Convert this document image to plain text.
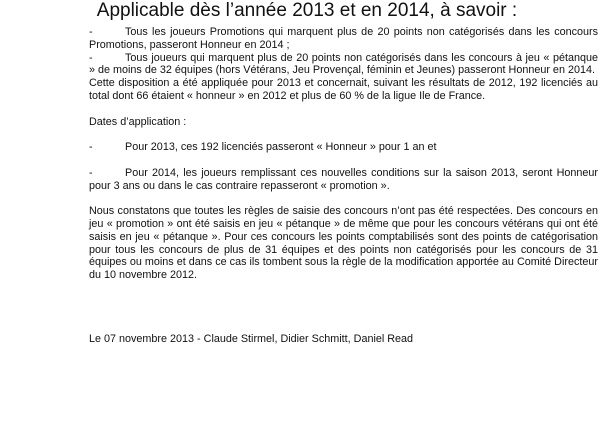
Applicable dès l’année 2013 et en 2014, à savoir :
-	Tous les joueurs Promotions qui marquent plus de 20 points non catégorisés dans les concours Promotions, passeront Honneur en 2014 ;
-	Tous joueurs qui marquent plus de 20 points non catégorisés dans les concours à jeu « pétanque » de moins de 32 équipes (hors Vétérans, Jeu Provençal, féminin et Jeunes) passeront Honneur en 2014.

Cette disposition a été appliquée pour 2013 et concernait, suivant les résultats de 2012, 192 licenciés au total dont 66 étaient « honneur » en 2012 et plus de 60 % de la ligue Ile de France.

Dates d’application :

-	Pour 2013, ces 192 licenciés passeront « Honneur » pour 1 an et
-	Pour 2014, les joueurs remplissant ces nouvelles conditions sur la saison 2013, seront Honneur pour 3 ans ou dans le cas contraire repasseront « promotion ».

Nous constatons que toutes les règles de saisie des concours n’ont pas été respectées. Des concours en jeu « promotion » ont été saisis en jeu « pétanque » de même que pour les concours vétérans qui ont été saisis en jeu « pétanque ». Pour ces concours les points comptabilisés sont des points de catégorisation pour tous les concours de plus de 31 équipes et des points non catégorisés pour les concours de 31 équipes ou moins et dans ce cas ils tombent sous la règle de la modification apportée au Comité Directeur du 10 novembre 2012.

Le 07 novembre 2013 - Claude Stirmel, Didier Schmitt, Daniel Read
